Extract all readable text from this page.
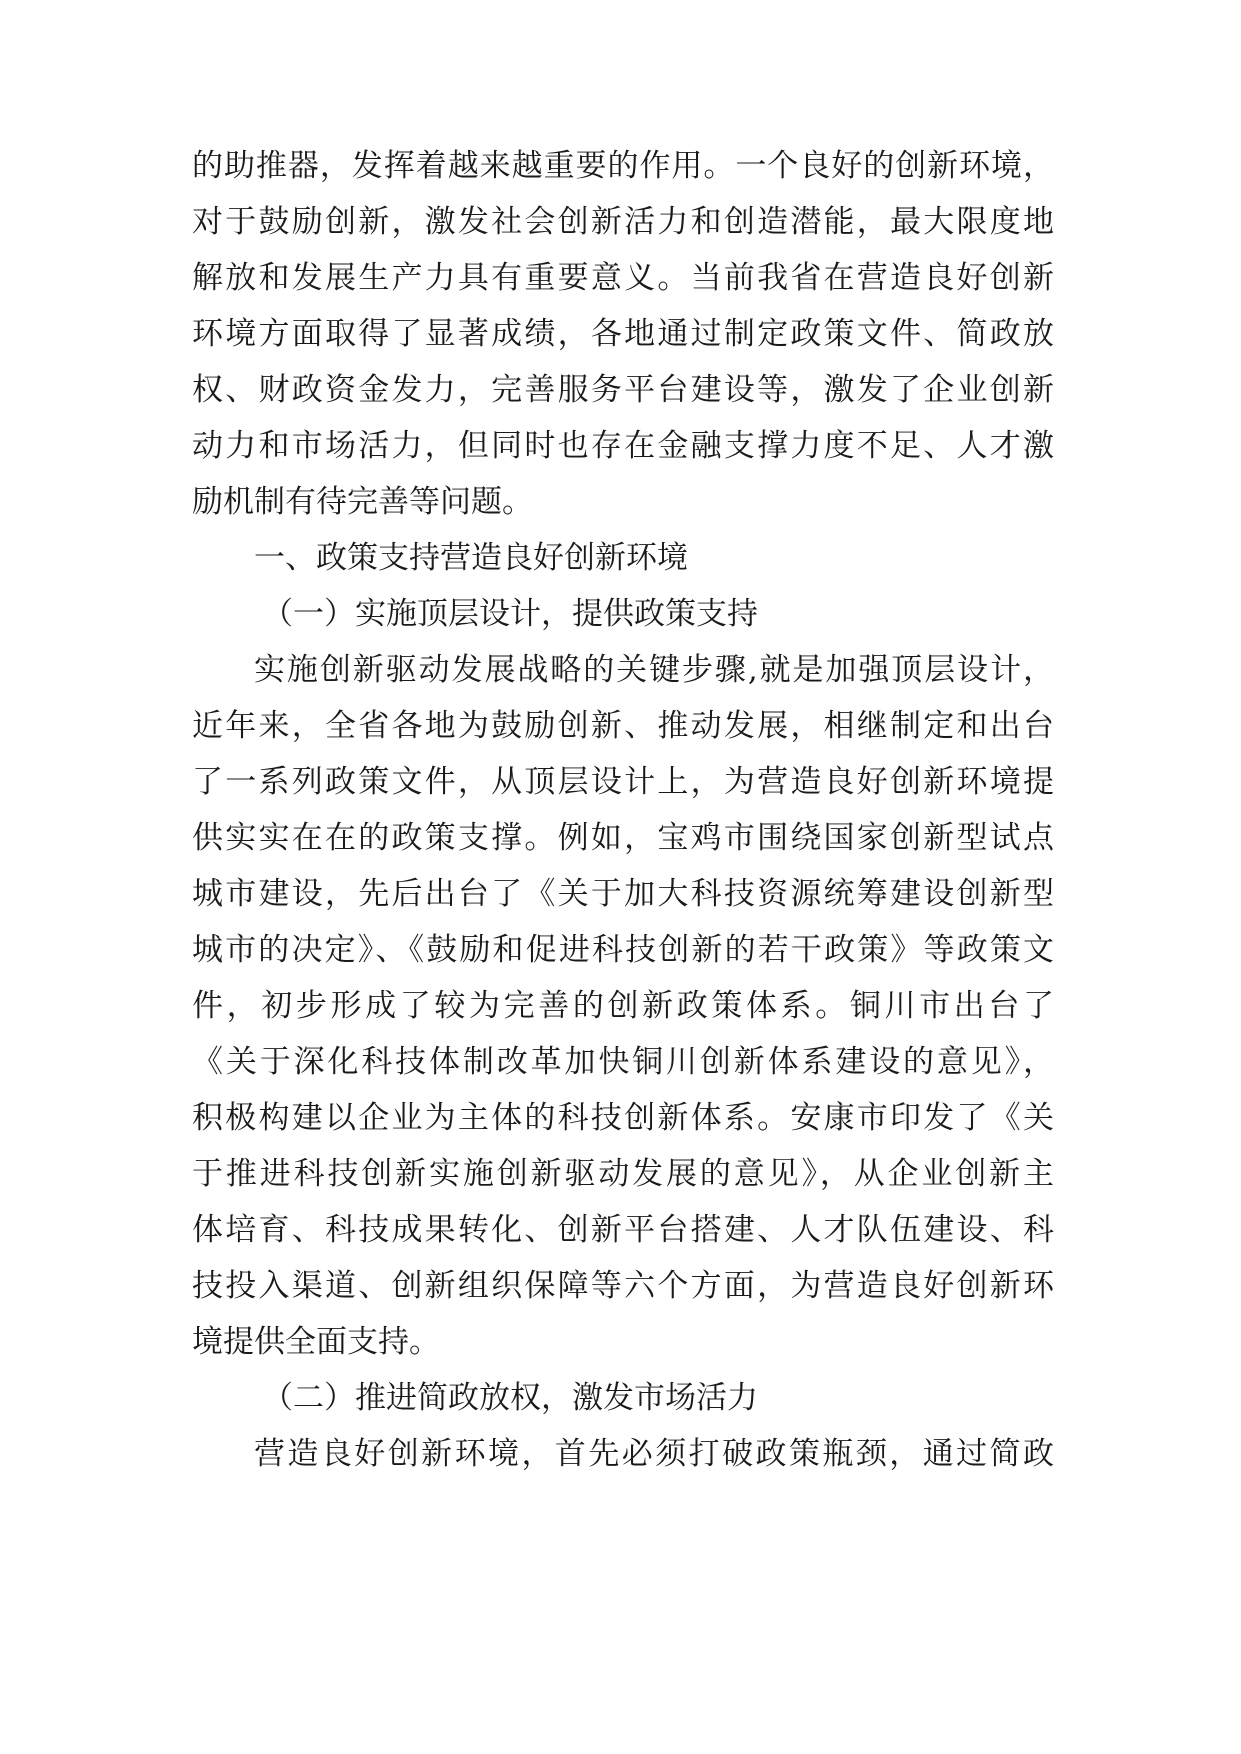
的助推器，发挥着越来越重要的作用。一个良好的创新环境，
对于鼓励创新，激发社会创新活力和创造潜能，最大限度地
解放和发展生产力具有重要意义。当前我省在营造良好创新
环境方面取得了显著成绩，各地通过制定政策文件、简政放
权、财政资金发力，完善服务平台建设等，激发了企业创新
动力和市场活力，但同时也存在金融支撑力度不足、人才激
励机制有待完善等问题。
一、政策支持营造良好创新环境
（一）实施顶层设计，提供政策支持
实施创新驱动发展战略的关键步骤,就是加强顶层设计，
近年来，全省各地为鼓励创新、推动发展，相继制定和出台
了一系列政策文件，从顶层设计上，为营造良好创新环境提
供实实在在的政策支撑。例如，宝鸡市围绕国家创新型试点
城市建设，先后出台了《关于加大科技资源统筹建设创新型
城市的决定》、《鼓励和促进科技创新的若干政策》等政策文
件，初步形成了较为完善的创新政策体系。铜川市出台了
《关于深化科技体制改革加快铜川创新体系建设的意见》，
积极构建以企业为主体的科技创新体系。安康市印发了《关
于推进科技创新实施创新驱动发展的意见》，从企业创新主
体培育、科技成果转化、创新平台搭建、人才队伍建设、科
技投入渠道、创新组织保障等六个方面，为营造良好创新环
境提供全面支持。
（二）推进简政放权，激发市场活力
营造良好创新环境，首先必须打破政策瓶颈，通过简政
